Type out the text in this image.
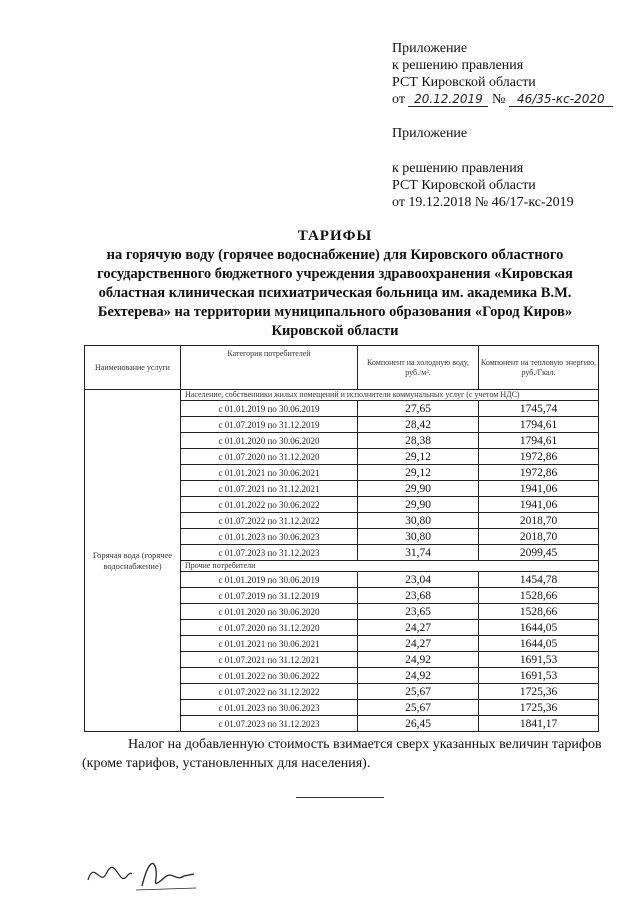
Приложение
к решению правления
РСТ Кировской области
от 20.12.2019 № 46/35-кс-2020
Приложение
к решению правления
РСТ Кировской области
от 19.12.2018 № 46/17-кс-2019
ТАРИФЫ
на горячую воду (горячее водоснабжение) для Кировского областного
государственного бюджетного учреждения здравоохранения «Кировская
областная клиническая психиатрическая больница им. академика В.М.
Бехтерева» на территории муниципального образования «Город Киров»
Кировской области
Наименование услуги	Категория потребителей	Компонент на холодную воду, руб./м³.	Компонент на тепловую энергию, руб./Гкал.
Горячая вода (горячее водоснабжение)	Население, собственники жилых помещений и исполнители коммунальных услуг (с учетом НДС)		
	с 01.01.2019 по 30.06.2019	27,65	1745,74
	с 01.07.2019 по 31.12.2019	28,42	1794,61
	с 01.01.2020 по 30.06.2020	28,38	1794,61
	с 01.07.2020 по 31.12.2020	29,12	1972,86
	с 01.01.2021 по 30.06.2021	29,12	1972,86
	с 01.07.2021 по 31.12.2021	29,90	1941,06
	с 01.01.2022 по 30.06.2022	29,90	1941,06
	с 01.07.2022 по 31.12.2022	30,80	2018,70
	с 01.01.2023 по 30.06.2023	30,80	2018,70
	с 01.07.2023 по 31.12.2023	31,74	2099,45
	Прочие потребители		
	с 01.01.2019 по 30.06.2019	23,04	1454,78
	с 01.07.2019 по 31.12.2019	23,68	1528,66
	с 01.01.2020 по 30.06.2020	23,65	1528,66
	с 01.07.2020 по 31.12.2020	24,27	1644,05
	с 01.01.2021 по 30.06.2021	24,27	1644,05
	с 01.07.2021 по 31.12.2021	24,92	1691,53
	с 01.01.2022 по 30.06.2022	24,92	1691,53
	с 01.07.2022 по 31.12.2022	25,67	1725,36
	с 01.01.2023 по 30.06.2023	25,67	1725,36
	с 01.07.2023 по 31.12.2023	26,45	1841,17
Налог на добавленную стоимость взимается сверх указанных величин тарифов (кроме тарифов, установленных для населения).
